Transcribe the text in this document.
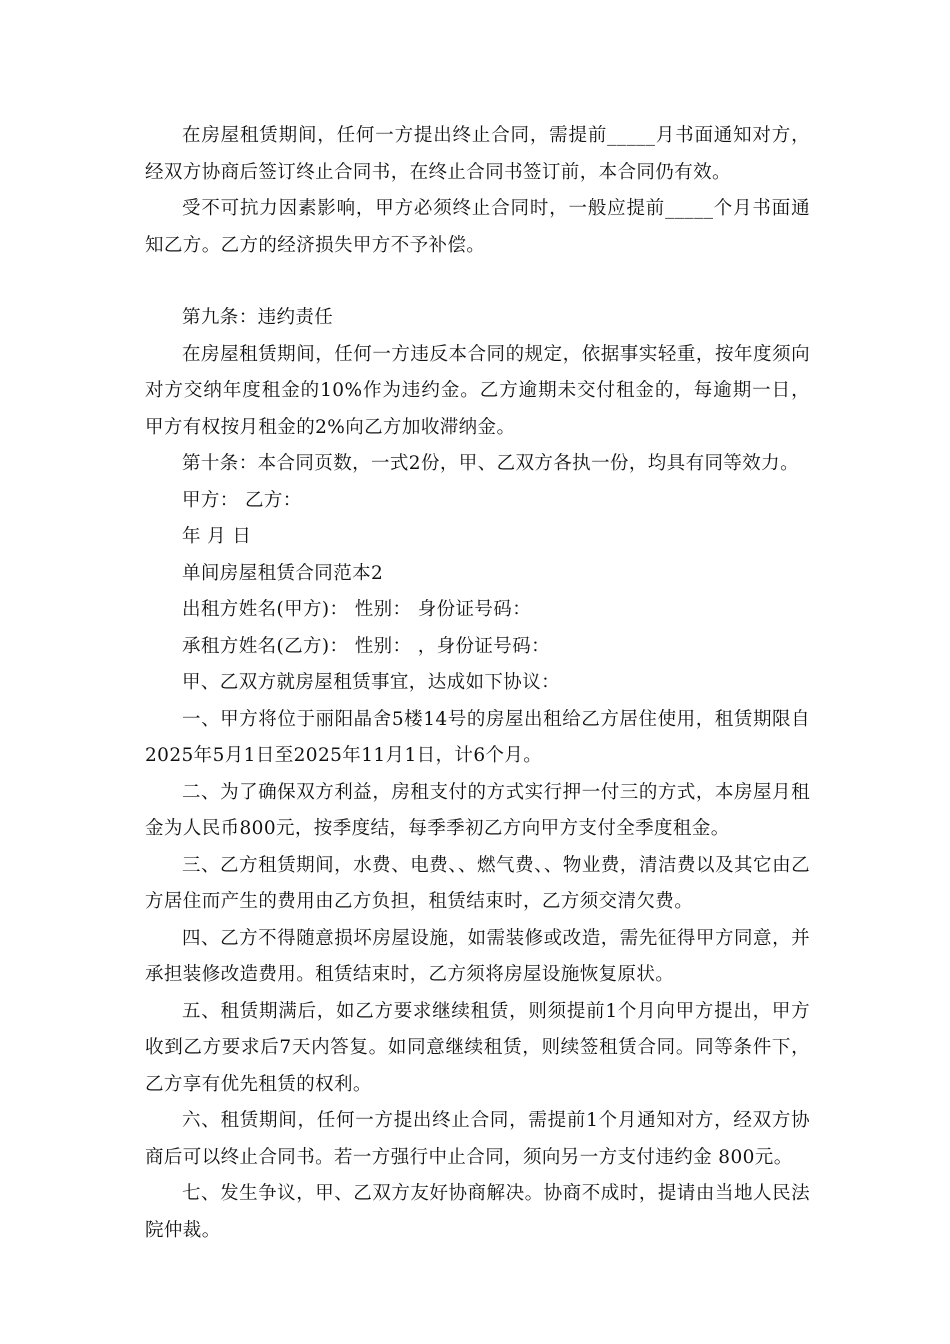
在房屋租赁期间，任何一方提出终止合同，需提前_____月书面通知对方，经双方协商后签订终止合同书，在终止合同书签订前，本合同仍有效。

受不可抗力因素影响，甲方必须终止合同时，一般应提前_____个月书面通知乙方。乙方的经济损失甲方不予补偿。

第九条：违约责任

在房屋租赁期间，任何一方违反本合同的规定，依据事实轻重，按年度须向对方交纳年度租金的10%作为违约金。乙方逾期未交付租金的，每逾期一日，甲方有权按月租金的2%向乙方加收滞纳金。

第十条：本合同页数，一式2份，甲、乙双方各执一份，均具有同等效力。

甲方： 乙方：

年 月 日

单间房屋租赁合同范本2

出租方姓名(甲方)： 性别： 身份证号码：

承租方姓名(乙方)： 性别： ，身份证号码：

甲、乙双方就房屋租赁事宜，达成如下协议：

一、甲方将位于丽阳晶舍5楼14号的房屋出租给乙方居住使用，租赁期限自2025年5月1日至2025年11月1日，计6个月。

二、为了确保双方利益，房租支付的方式实行押一付三的方式，本房屋月租金为人民币800元，按季度结，每季季初乙方向甲方支付全季度租金。

三、乙方租赁期间，水费、电费、、燃气费、、物业费，清洁费以及其它由乙方居住而产生的费用由乙方负担，租赁结束时，乙方须交清欠费。

四、乙方不得随意损坏房屋设施，如需装修或改造，需先征得甲方同意，并承担装修改造费用。租赁结束时，乙方须将房屋设施恢复原状。

五、租赁期满后，如乙方要求继续租赁，则须提前1个月向甲方提出，甲方收到乙方要求后7天内答复。如同意继续租赁，则续签租赁合同。同等条件下，乙方享有优先租赁的权利。

六、租赁期间，任何一方提出终止合同，需提前1个月通知对方，经双方协商后可以终止合同书。若一方强行中止合同，须向另一方支付违约金 800元。

七、发生争议，甲、乙双方友好协商解决。协商不成时，提请由当地人民法院仲裁。
